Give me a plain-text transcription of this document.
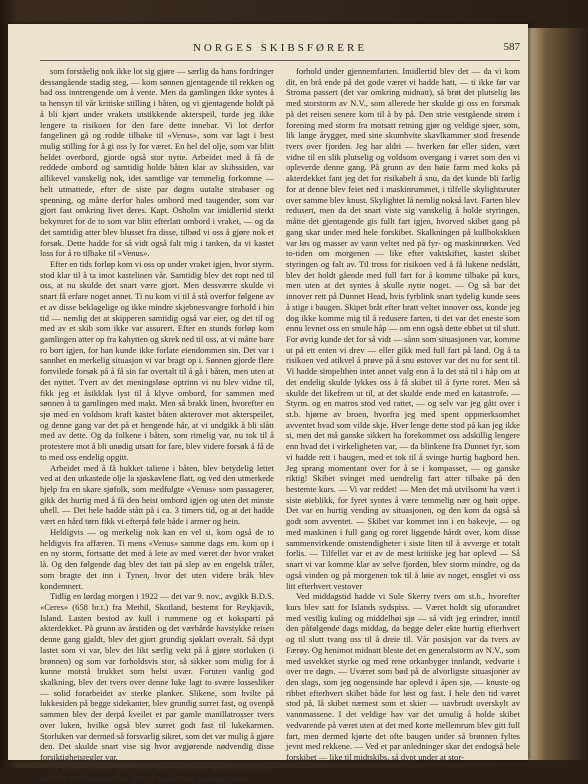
NORGES SKIBSFØRERE	587

som forståelig nok ikke lot sig gjøre — særlig da hans fordringer dessangående stadig steg, — kom sønnen gjentagende til rekken og bad oss inntrengende om å vente. Men da gamlingen ikke syntes å ta hensyn til vår kritiske stilling i båten, og vi gjentagende holdt på å bli kjørt under vrakets utstikkende akterspeil, turde jeg ikke lengere ta risikoen for den fare dette innebar. Vi lot derfor fangelinen gå og rodde tilbake til «Venus», som var lagt i best mulig stilling for å gi oss ly for været. En hel del olje, som var blitt heldet overbord, gjorde også stor nytte. Arbeidet med å få de reddede ombord og samtidig holde båten klar av skibssiden, var allikevel vanskelig nok, idet samtlige var temmelig forkomne — helt utmattede, efter de siste par døgns uutalte strabaser og spenning, og måtte derfor hales ombord med taugender, som var gjort fast omkring livet deres. Kapt. Osholm var imidlertid sterkt bekymret for de to som var blitt efterlatt ombord i vraket, — og da det samtidig atter blev blusset fra disse, tilbød vi oss å gjøre nok et forsøk. Dette hadde for så vidt også falt mig i tanken, da vi kastet loss for å ro tilbake til «Venus».

Efter en tids forløp kom vi oss op under vraket igjen, hvor styrm. stod klar til å ta imot kastelinen vår. Samtidig blev det ropt ned til oss, at nu skulde det snart være gjort. Men dessværre skulde vi snart få erfare noget annet. Ti nu kom vi til å stå overfor følgene av et av disse beklagelige og ikke mindre skjebnesvangre forhold i hin tid — nemlig det at skipperen samtidig også var eier, og det til og med av et skib som ikke var assurert. Efter en stunds forløp kom gamlingen atter op fra kahytten og skrek ned til oss, at vi måtte bare ro bort igjen, for han kunde ikke forlate eiendommen sin. Det var i sannhet en merkelig situasjon vi var bragt op i. Sønnen gjorde flere fortvilede forsøk på å få sin far overtalt til å gå i båten, men uten at det nyttet. Tvert av det meningsløse optrinn vi nu blev vidne til, fikk jeg et åsikklak lyst til å klyve ombord, for sammen med sønnen å ta gamlingen med makt. Men så brakk linen, hvorefter en sjø med en voldsom kraft kastet båten akterover mot akterspeilet, og denne gang var det på et hengende hår, at vi undgikk å bli slått med av dette. Og da folkene i båten, som rimelig var, nu tok til å protestere mot å bli unødig utsatt for fare, blev videre forsøk å få de to med oss endelig opgitt.

Arbeidet med å få hukket taliene i båten, blev betydelig lettet ved at den utkastede olje la sjøskavlene flatt, og ved den utmerkede hjelp fra en skare sjøfolk, som medfulgte «Venus» som passagerer, gikk det hurtig med å få den heist ombord igjen og uten det minste uhell. — Det hele hadde stått på i ca. 3 timers tid, og at det hadde vært en hård tørn fikk vi efterpå føle både i armer og bein.

Heldigvis — og merkelig nok kan en vel si, kom også de to heldigvis fra affæren. Ti mens «Venus» samme dags em. kom op i en ny storm, fortsatte det med å lete av med været der hvor vraket lå. Og den følgende dag blev det tatt på slep av en engelsk tråler, som bragte det inn i Tynen, hvor det uten videre bråk blev kondemnert.

Tidlig en lørdag morgen i 1922 — det var 9. nov., avgikk B.D.S. «Ceres» (658 br.t.) fra Methil, Skotland, bestemt for Reykjavik, Island. Lasten bestod av kull i rummene og et kokspartí på akterdekket. På grunn av årstiden og det værhårde havstykke reisen denne gang gjaldt, blev det gjort grundig sjøklart overalt. Så dypt lastet som vi var, blev det likt særlig vekt på å gjøre storluken (i brønnen) og som var forholdsvis stor, så sikker som mulig for å kunne motstå brukket som helst uvær. Foruten vanlig god skalkning, blev det tvers over denne luke lagt to svære lossesliker — solid forarbeidet av sterke planker. Slikene, som hvilte på lukkesiden på begge sidekanter, blev grundig surret fast, og ovenpå sammen blev der derpå kveilet et par gamle manillatrosser tvers over luken, hvilke også blev surret godt fast til lukekarmen. Storluken var dermed så forsvarlig sikret, som det var mulig å gjøre den. Det skulde snart vise sig hvor avgjørende nødvendig disse forsiktighetsregler var.

Vi hadde vakkert vær langs hele Skotlands østkyst. Det blev styrt for Pentlandsfjorden, idet vi regnet med gunstige strøm-

forhold under gjennemfarten. Imidlertid blev det — da vi kom dit, en brå ende på det gode været vi hadde hatt, — ti ikke før var Stroma passert (det var omkring midnatt), så brøt det plutselig løs med storstorm av N.V., som allerede her skulde gi oss en forsmak på det reisen senere kom til å by på. Den strie vestgående strøm i forening med storm fra motsatt retning gjør og veldige sjøer, som, lik lange årygger, med sine skumhvite skavlkammer stod fresende tvers over fjorden. Jeg har aldri — hverken før eller siden, vært vidne til en slik plutselig og voldsom overgang i været som den vi opleverde denne gang. På grunn av den høie farm med koks på akterdekket fant jeg det for risikabelt å snu, da det kunde bli farlig for at denne blev feiet ned i maskinrummet, i tilfelle skylightsruter over samme blev knust. Skylightet lå nemlig nokså lavt. Farten blev redusert, men da det snart viste sig vanskelig å holde styringen, måtte det gjentagende gis fullt fart igjen, hvorved skibet gang på gang skar under med hele forskibet. Skalkningen på kullbokskken var løs og masser av vann veltet ned på fyr- og maskinrørken. Ved to-tiden om morgenen — like efter vaktskiftet, kastet skibet styringen og falt av. Til tross for risikoen ved å få lukene nedslått, blev det holdt gående med full fart for å komme tilbake på kurs, men uten at det syntes å skulle nytte noget. — Og så bar det innover rett på Dunnet Head, hvis fyrblink snart tydelig kunde sees å stige i baugen. Skipet bråt efter bratt veltet innover oss, kunde jeg dog ikke komme mig til å redusere farten, ti det var det eneste som ennu levnet oss en smule håp — om enn også dette ebbet ut til slutt. For øvrig kunde det for så vidt — sånn som situasjonen var, komme ut på ett enten vi drev — eller gikk med full fart på land. Og å ta risikoen ved atikvel å prøve på å snu østover var det nu for sent til. Vi hadde simpelthen intet annet valg enn å la det stå til i håp om at det endelig skulde lykkes oss å få skibet til å fyrte roret. Men så skulde det likefrem ut til, at det skulde ende med en katastrofe. — Styrm. og en matros stod ved rattet, — og selv var jeg gått over i st.b. hjørne av broen, hvorfra jeg med spent oppmerksomhet avventet hvad som vilde skje. Hver lenge dette stod på kan jeg ikke si, men det må ganske sikkert ha forekommet oss adskillig lengere enn hvad det i virkeligheten var, — da blinkene fra Dunnet fyr, som vi hadde rett i baugen, med et tok til å svinge hurtig bagbord hen. Jeg sprang momentant over for å se i kompasset, — og ganske riktig! Skibet svinget med uendrelig fart atter tilbake på den bestemte kurs. — Vi var reddet! — Men det må utvilsomt ha vært i siste øieblikk, for fyret syntes å være temmelig nær og høit oppe. Det var en hurtig vending av situasjonen, og den kom da også så godt som avventet. — Skibet var kommet inn i en bakevje, — og med maskinen i full gang og roret liggende hårdt over, kom disse sammenvirkende omstendigheter i siste liten til å avverge et totalt forlis. — Tilfellet var et av de mest kritiske jeg har oplevd — Så snart vi var komme klar av selve fjorden, blev storm mindre, og da også vinden og på morgenen tok til å løie av noget, ensglet vi oss litt efterhvert vestover

Ved middagstid hadde vi Sule Skerry tvers om st.b., hvorefter kurs blev satt for Islands sydspiss. — Været holdt sig uforandret med vestlig kuling og middelhøi sjø — så vidt jeg erindrer, inntil den påfølgende dags middag, da begge deler ekte hurtig efterhvert og til slutt tvang oss til å dreie til. Vår posisjon var da tvers av Færøy. Og henimot midnatt bleste det en generalstorm av N.V., som med usvekket styrke og med rene orkanbyger innlandt, vedvarte i over tre døgn. — Uværet som bød på de alvorligste situasjoner av den slags, som jeg nogensinde har oplevd i åpen sjø, — knuste og ribbet efterhvert skibet både for løst og fast. I hele den tid været stod på, lå skibet næmest som et skier — uavbrudt overskylt av vannmassene. I det veldige hav var det umulig å holde skibet vedvarende på været uten at det med korte mellemrum blev gitt full fart, men dermed kjørte det ofte baugen under så brønnen fyltes jevnt med rekkene. — Ved et par anledninger skar det endogså hele forskibet — like til midtskibs, så dypt under at stor-
